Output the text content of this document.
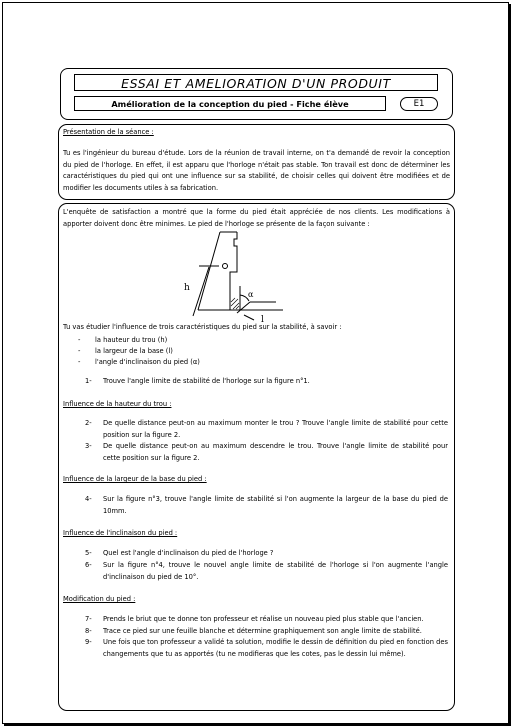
ESSAI ET AMELIORATION D'UN PRODUIT
Amélioration de la conception du pied - Fiche élève	E1
Présentation de la séance :
Tu es l'ingénieur du bureau d'étude. Lors de la réunion de travail interne, on t'a demandé de revoir la conception du pied de l'horloge. En effet, il est apparu que l'horloge n'était pas stable. Ton travail est donc de déterminer les caractéristiques du pied qui ont une influence sur sa stabilité, de choisir celles qui doivent être modifiées et de modifier les documents utiles à sa fabrication.
L'enquête de satisfaction a montré que la forme du pied était appréciée de nos clients. Les modifications à apporter doivent donc être minimes. Le pied de l'horloge se présente de la façon suivante :
h
α
l
Tu vas étudier l'influence de trois caractéristiques du pied sur la stabilité, à savoir :
- la hauteur du trou (h)
- la largeur de la base (l)
- l'angle d'inclinaison du pied (α)
1- Trouve l'angle limite de stabilité de l'horloge sur la figure n°1.
Influence de la hauteur du trou :
2- De quelle distance peut-on au maximum monter le trou ? Trouve l'angle limite de stabilité pour cette position sur la figure 2.
3- De quelle distance peut-on au maximum descendre le trou. Trouve l'angle limite de stabilité pour cette position sur la figure 2.
Influence de la largeur de la base du pied :
4- Sur la figure n°3, trouve l'angle limite de stabilité si l'on augmente la largeur de la base du pied de 10mm.
Influence de l'inclinaison du pied :
5- Quel est l'angle d'inclinaison du pied de l'horloge ?
6- Sur la figure n°4, trouve le nouvel angle limite de stabilité de l'horloge si l'on augmente l'angle d'inclinaison du pied de 10°.
Modification du pied :
7- Prends le briut que te donne ton professeur et réalise un nouveau pied plus stable que l'ancien.
8- Trace ce pied sur une feuille blanche et détermine graphiquement son angle limite de stabilité.
9- Une fois que ton professeur a validé ta solution, modifie le dessin de définition du pied en fonction des changements que tu as apportés (tu ne modifieras que les cotes, pas le dessin lui même).
